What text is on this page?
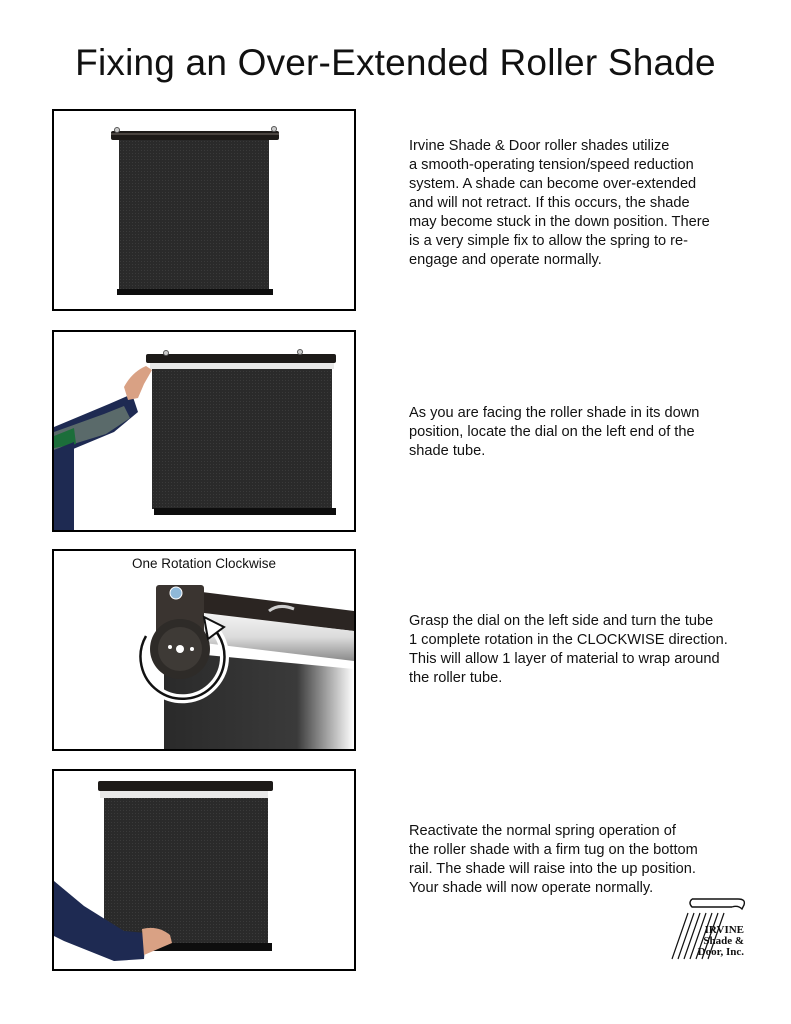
Fixing an Over-Extended Roller Shade

Irvine Shade & Door roller shades utilize
a smooth-operating tension/speed reduction
system. A shade can become over-extended
and will not retract. If this occurs, the shade
may become stuck in the down position. There
is a very simple fix to allow the spring to re-
engage and operate normally.

As you are facing the roller shade in its down
position, locate the dial on the left end of the
shade tube.

One Rotation Clockwise

Grasp the dial on the left side and turn the tube
1 complete rotation in the CLOCKWISE direction.
This will allow 1 layer of material to wrap around
the roller tube.

Reactivate the normal spring operation of
the roller shade with a firm tug on the bottom
rail. The shade will raise into the up position.
Your shade will now operate normally.

IRVINE
Shade &
Door, Inc.
